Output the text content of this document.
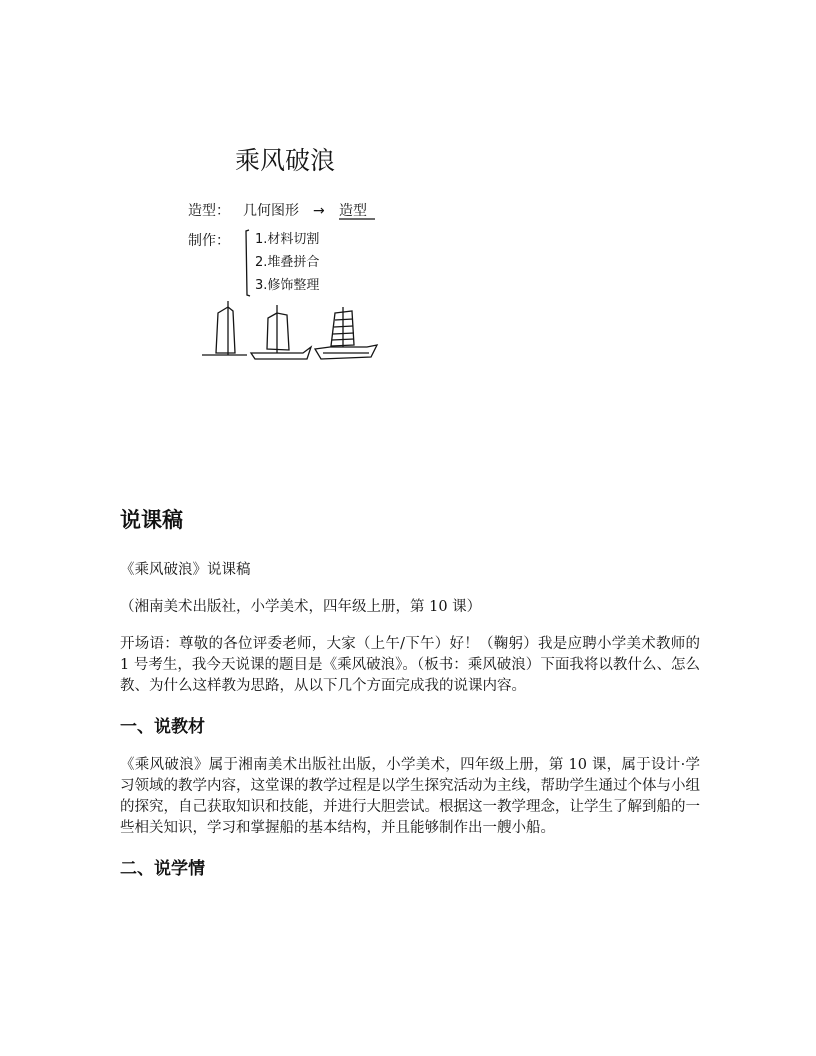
乘风破浪
造型： 几何图形 → 造型
制作： 1.材料切割
2.堆叠拼合
3.修饰整理
说课稿

《乘风破浪》说课稿

（湘南美术出版社，小学美术，四年级上册，第 10 课）

开场语：尊敬的各位评委老师，大家（上午/下午）好！（鞠躬）我是应聘小学美术教师的 1 号考生，我今天说课的题目是《乘风破浪》。（板书：乘风破浪）下面我将以教什么、怎么教、为什么这样教为思路，从以下几个方面完成我的说课内容。

一、说教材

《乘风破浪》属于湘南美术出版社出版，小学美术，四年级上册，第 10 课，属于设计·学习领域的教学内容，这堂课的教学过程是以学生探究活动为主线，帮助学生通过个体与小组的探究，自己获取知识和技能，并进行大胆尝试。根据这一教学理念，让学生了解到船的一些相关知识，学习和掌握船的基本结构，并且能够制作出一艘小船。

二、说学情
